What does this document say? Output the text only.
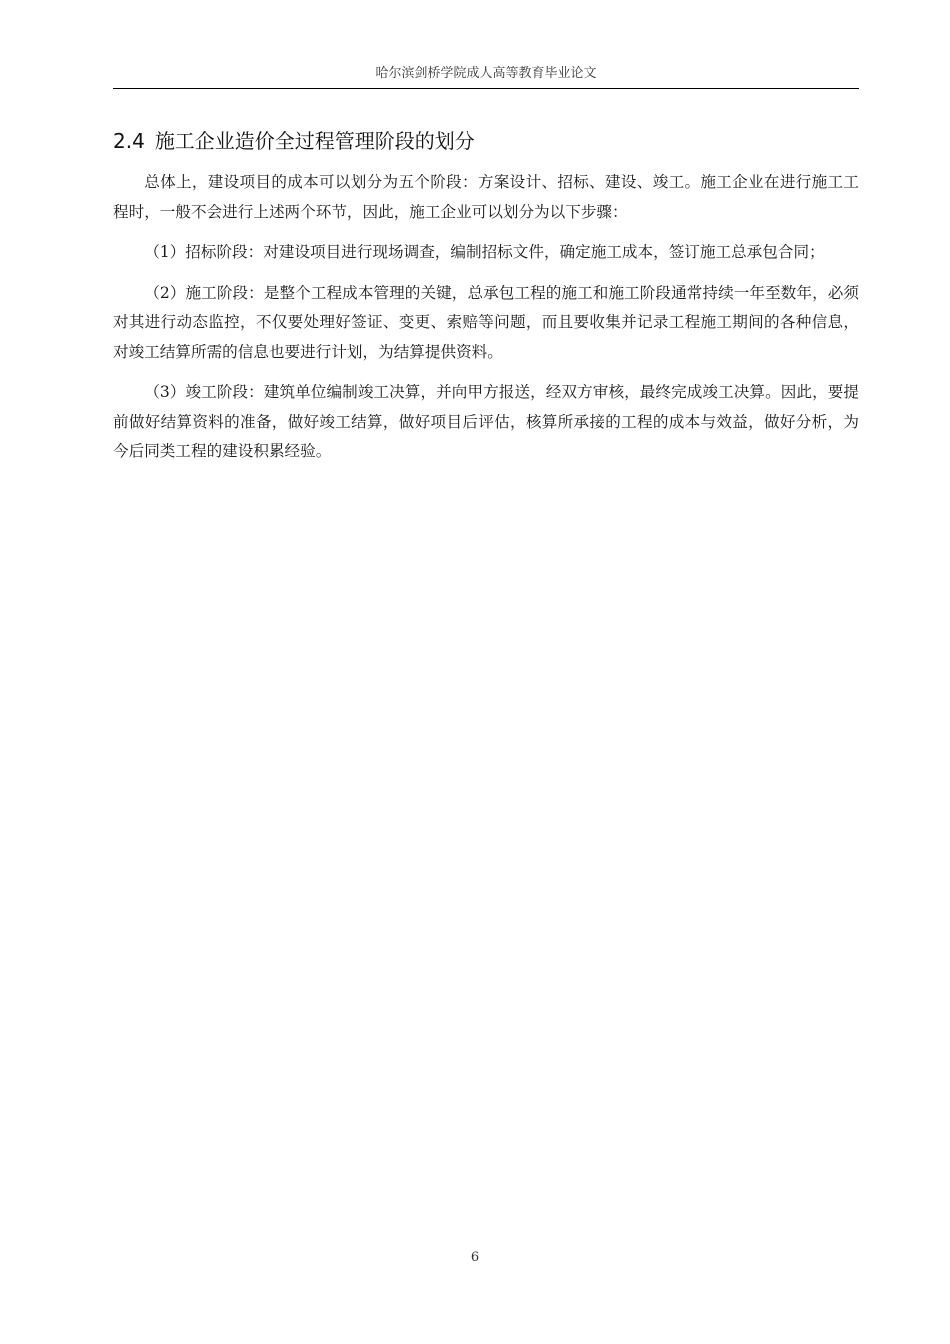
哈尔滨剑桥学院成人高等教育毕业论文
2.4 施工企业造价全过程管理阶段的划分

总体上，建设项目的成本可以划分为五个阶段：方案设计、招标、建设、竣工。施工企业在进行施工工程时，一般不会进行上述两个环节，因此，施工企业可以划分为以下步骤：

（1）招标阶段：对建设项目进行现场调查，编制招标文件，确定施工成本，签订施工总承包合同；

（2）施工阶段：是整个工程成本管理的关键，总承包工程的施工和施工阶段通常持续一年至数年，必须对其进行动态监控，不仅要处理好签证、变更、索赔等问题，而且要收集并记录工程施工期间的各种信息，对竣工结算所需的信息也要进行计划，为结算提供资料。

（3）竣工阶段：建筑单位编制竣工决算，并向甲方报送，经双方审核，最终完成竣工决算。因此，要提前做好结算资料的准备，做好竣工结算，做好项目后评估，核算所承接的工程的成本与效益，做好分析，为今后同类工程的建设积累经验。

6
